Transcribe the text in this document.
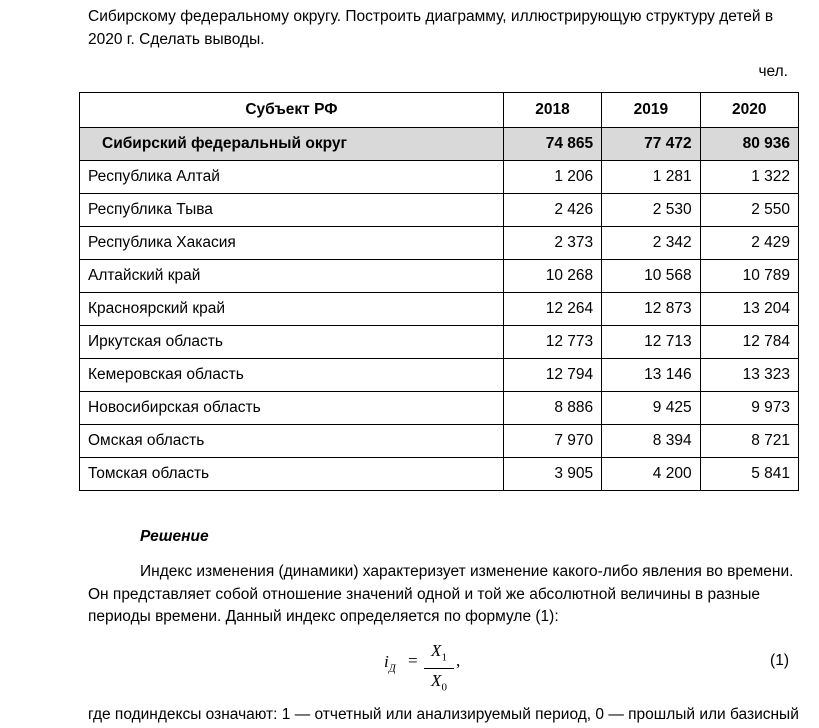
Сибирскому федеральному округу. Построить диаграмму, иллюстрирующую структуру детей в
2020 г. Сделать выводы.

чел.
Субъект РФ	2018	2019	2020
Сибирский федеральный округ	74 865	77 472	80 936
Республика Алтай	1 206	1 281	1 322
Республика Тыва	2 426	2 530	2 550
Республика Хакасия	2 373	2 342	2 429
Алтайский край	10 268	10 568	10 789
Красноярский край	12 264	12 873	13 204
Иркутская область	12 773	12 713	12 784
Кемеровская область	12 794	13 146	13 323
Новосибирская область	8 886	9 425	9 973
Омская область	7 970	8 394	8 721
Томская область	3 905	4 200	5 841

Решение

Индекс изменения (динамики) характеризует изменение какого-либо явления во времени.
Он представляет собой отношение значений одной и той же абсолютной величины в разные
периоды времени. Данный индекс определяется по формуле (1):

$i_Д = \frac{X_1}{X_0}$ ,	(1)

где подиндексы означают: 1 — отчетный или анализируемый период, 0 — прошлый или базисный
